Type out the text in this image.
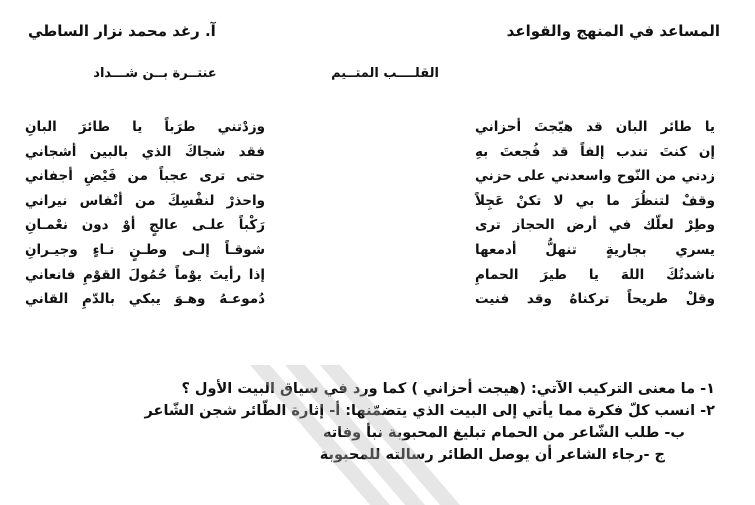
المساعد في المنهج والقواعد
آ. رغد محمد نزار الساطي
القلــــب المتــيم
عنتــرة بــن شـــداد
يا طائر البان قد هيّجتَ أحزاني
إن كنتَ تندب إلفاً قد فُجعتَ بهِ
زدني من النّوح واسعدني على حزني
وقفْ لتنظُرَ ما بي لا تكنْ عَجِلاً
وطِرْ لعلّك في أرض الحجاز ترى
يسري بجاريةٍ تنهلُّ أدمعها
ناشدتُكَ اللهَ يا طيرَ الحمامِ
وقلْ طريحاً تركناهُ وقد فنيت
وزدْتني طرَباً يا طائرَ البانِ
فقد شجاكَ الذي بالبين أشجاني
حتى ترى عجباً من فَيْضِ أجفاني
واحذرْ لنفْسِكَ من أنْفاس نيراني
رَكْباً علـى عالجٍ أوْ دون نعْمـانِ
شوقـاً إلـى وطـنٍ نـاءٍ وجيـرانِ
إذا رأيتَ يوْماً حُمُولَ القوْمِ فانعاني
دُموعـهُ وهـوَ يبكي بالدّمِ القاني
١- ما معنى التركيب الآتي: (هيجت أحزاني ) كما ورد في سياق البيت الأول ؟
٢- انسب كلّ فكرة مما يأتي إلى البيت الذي يتضمّنها: أ- إثارة الطّائر شجن الشّاعر
ب- طلب الشّاعر من الحمام تبليغ المحبوبة نبأ وفاته
ج -رجاء الشاعر أن يوصل الطائر رسالته للمحبوبة
